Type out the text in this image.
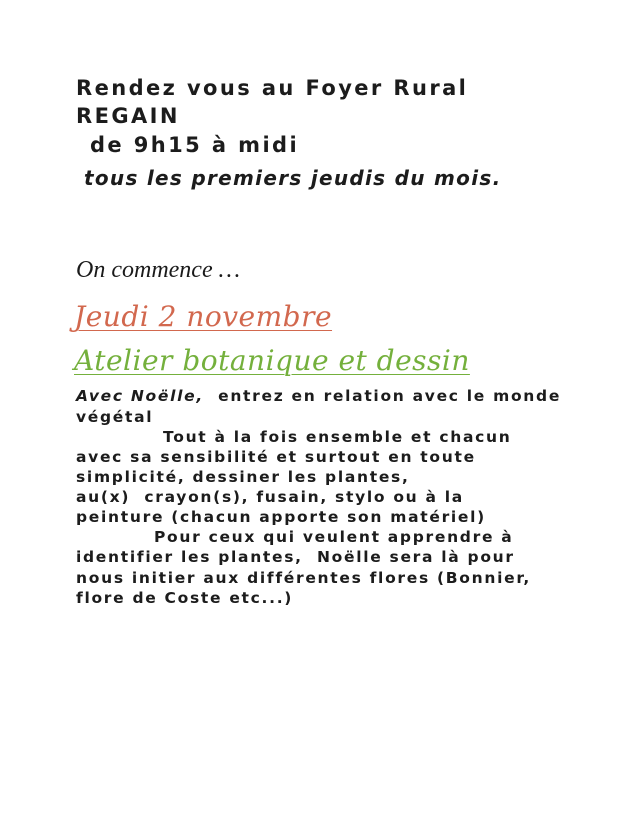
Rendez vous au Foyer Rural
REGAIN
de 9h15 à midi
tous les premiers jeudis du mois.
On commence …
Jeudi 2 novembre
Atelier botanique et dessin
Avec Noëlle,  entrez en relation avec le monde
végétal
Tout à la fois ensemble et chacun
avec sa sensibilité et surtout en toute
simplicité, dessiner les plantes,
au(x)  crayon(s), fusain, stylo ou à la
peinture (chacun apporte son matériel)
Pour ceux qui veulent apprendre à
identifier les plantes,  Noëlle sera là pour
nous initier aux différentes flores (Bonnier,
flore de Coste etc...)
